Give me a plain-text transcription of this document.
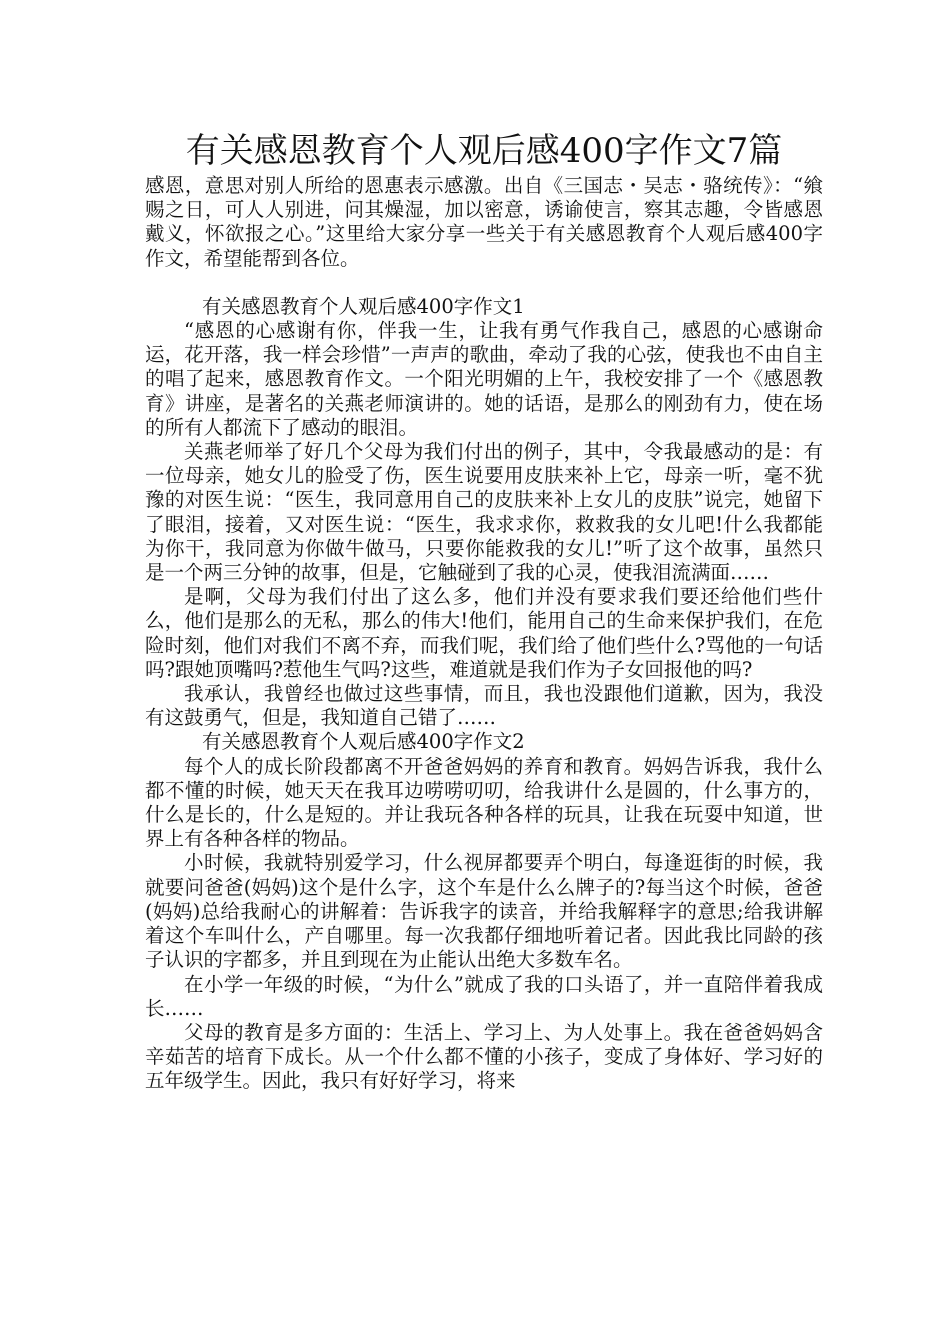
有关感恩教育个人观后感400字作文7篇

感恩，意思对别人所给的恩惠表示感激。出自《三国志・吴志・骆统传》：“飨赐之日，可人人别进，问其燥湿，加以密意，诱谕使言，察其志趣，令皆感恩戴义，怀欲报之心。”这里给大家分享一些关于有关感恩教育个人观后感400字作文，希望能帮到各位。

有关感恩教育个人观后感400字作文1

“感恩的心感谢有你，伴我一生，让我有勇气作我自己，感恩的心感谢命运，花开落，我一样会珍惜”一声声的歌曲，牵动了我的心弦，使我也不由自主的唱了起来，感恩教育作文。一个阳光明媚的上午，我校安排了一个《感恩教育》讲座，是著名的关燕老师演讲的。她的话语，是那么的刚劲有力，使在场的所有人都流下了感动的眼泪。

关燕老师举了好几个父母为我们付出的例子，其中，令我最感动的是：有一位母亲，她女儿的脸受了伤，医生说要用皮肤来补上它，母亲一听，毫不犹豫的对医生说：“医生，我同意用自己的皮肤来补上女儿的皮肤”说完，她留下了眼泪，接着，又对医生说：“医生，我求求你，救救我的女儿吧!什么我都能为你干，我同意为你做牛做马，只要你能救我的女儿!”听了这个故事，虽然只是一个两三分钟的故事，但是，它触碰到了我的心灵，使我泪流满面……

是啊，父母为我们付出了这么多，他们并没有要求我们要还给他们些什么，他们是那么的无私，那么的伟大!他们，能用自己的生命来保护我们，在危险时刻，他们对我们不离不弃，而我们呢，我们给了他们些什么?骂他的一句话吗?跟她顶嘴吗?惹他生气吗?这些，难道就是我们作为子女回报他的吗?

我承认，我曾经也做过这些事情，而且，我也没跟他们道歉，因为，我没有这鼓勇气，但是，我知道自己错了……

有关感恩教育个人观后感400字作文2

每个人的成长阶段都离不开爸爸妈妈的养育和教育。妈妈告诉我，我什么都不懂的时候，她天天在我耳边唠唠叨叨，给我讲什么是圆的，什么事方的，什么是长的，什么是短的。并让我玩各种各样的玩具，让我在玩耍中知道，世界上有各种各样的物品。

小时候，我就特别爱学习，什么视屏都要弄个明白，每逢逛街的时候，我就要问爸爸(妈妈)这个是什么字，这个车是什么么牌子的?每当这个时候，爸爸(妈妈)总给我耐心的讲解着：告诉我字的读音，并给我解释字的意思;给我讲解着这个车叫什么，产自哪里。每一次我都仔细地听着记者。因此我比同龄的孩子认识的字都多，并且到现在为止能认出绝大多数车名。

在小学一年级的时候，“为什么”就成了我的口头语了，并一直陪伴着我成长……

父母的教育是多方面的：生活上、学习上、为人处事上。我在爸爸妈妈含辛茹苦的培育下成长。从一个什么都不懂的小孩子，变成了身体好、学习好的五年级学生。因此，我只有好好学习，将来
